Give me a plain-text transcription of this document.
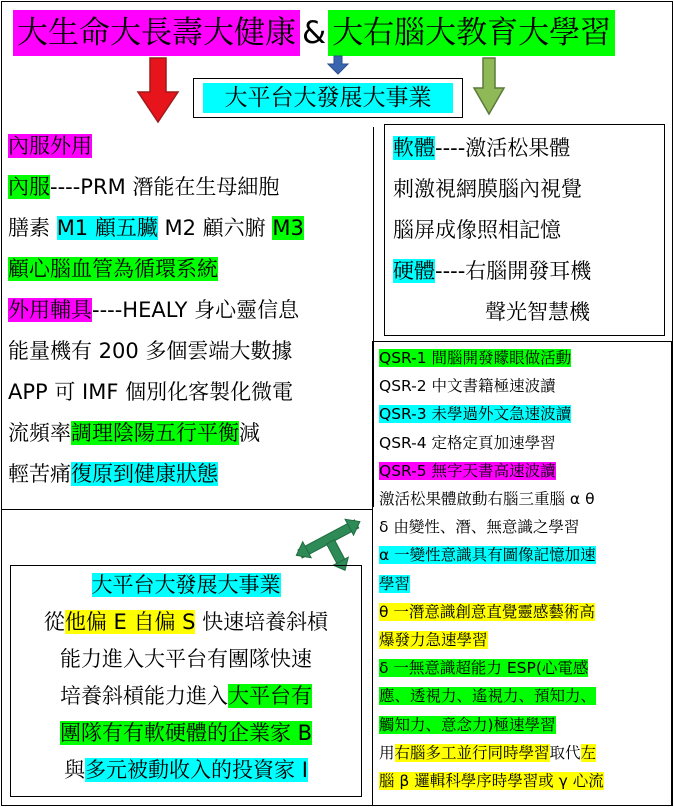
大生命大長壽大健康 & 大右腦大教育大學習
大平台大發展大事業
內服外用
內服----PRM 潛能在生母細胞
膳素 M1 顧五臟 M2 顧六腑 M3
顧心腦血管為循環系統
外用輔具----HEALY 身心靈信息
能量機有 200 多個雲端大數據
APP 可 IMF 個別化客製化微電
流頻率調理陰陽五行平衡減
輕苦痛復原到健康狀態
軟體----激活松果體
刺激視網膜腦內視覺
腦屏成像照相記憶
硬體----右腦開發耳機
聲光智慧機
QSR-1 間腦開發矇眼做活動
QSR-2 中文書籍極速波讀
QSR-3 未學過外文急速波讀
QSR-4 定格定頁加速學習
QSR-5 無字天書高速波讀
激活松果體啟動右腦三重腦 α θ
δ 由變性、潛、無意識之學習
α 一變性意識具有圖像記憶加速
學習
θ 一潛意識創意直覺靈感藝術高
爆發力急速學習
δ 一無意識超能力 ESP(心電感
應、透視力、遙視力、預知力、
觸知力、意念力)極速學習
用右腦多工並行同時學習取代左
腦 β 邏輯科學序時學習或 γ 心流
大平台大發展大事業
從他偏 E 自偏 S 快速培養斜槓
能力進入大平台有團隊快速
培養斜槓能力進入大平台有
團隊有有軟硬體的企業家 B
與多元被動收入的投資家 I
